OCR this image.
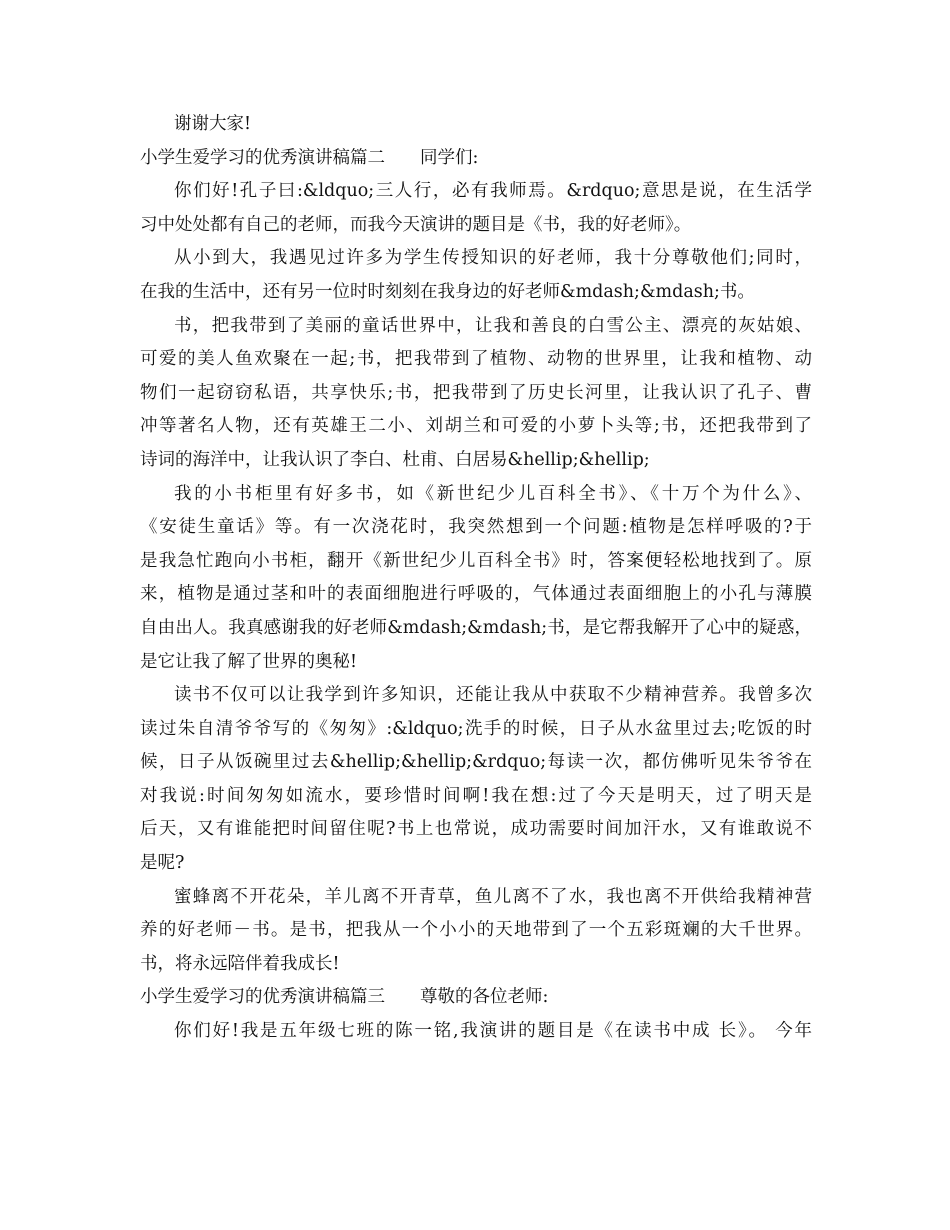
谢谢大家!
小学生爱学习的优秀演讲稿篇二　　同学们:
你们好!孔子曰:&ldquo;三人行，必有我师焉。&rdquo;意思是说，在生活学
习中处处都有自己的老师，而我今天演讲的题目是《书，我的好老师》。
从小到大，我遇见过许多为学生传授知识的好老师，我十分尊敬他们;同时，
在我的生活中，还有另一位时时刻刻在我身边的好老师&mdash;&mdash;书。
书，把我带到了美丽的童话世界中，让我和善良的白雪公主、漂亮的灰姑娘、
可爱的美人鱼欢聚在一起;书，把我带到了植物、动物的世界里，让我和植物、动
物们一起窃窃私语，共享快乐;书，把我带到了历史长河里，让我认识了孔子、曹
冲等著名人物，还有英雄王二小、刘胡兰和可爱的小萝卜头等;书，还把我带到了
诗词的海洋中，让我认识了李白、杜甫、白居易&hellip;&hellip;
我的小书柜里有好多书，如《新世纪少儿百科全书》、《十万个为什么》、
《安徒生童话》等。有一次浇花时，我突然想到一个问题:植物是怎样呼吸的?于
是我急忙跑向小书柜，翻开《新世纪少儿百科全书》时，答案便轻松地找到了。原
来，植物是通过茎和叶的表面细胞进行呼吸的，气体通过表面细胞上的小孔与薄膜
自由出人。我真感谢我的好老师&mdash;&mdash;书，是它帮我解开了心中的疑惑，
是它让我了解了世界的奥秘!
读书不仅可以让我学到许多知识，还能让我从中获取不少精神营养。我曾多次
读过朱自清爷爷写的《匆匆》:&ldquo;洗手的时候，日子从水盆里过去;吃饭的时
候，日子从饭碗里过去&hellip;&hellip;&rdquo;每读一次，都仿佛听见朱爷爷在
对我说:时间匆匆如流水，要珍惜时间啊!我在想:过了今天是明天，过了明天是
后天，又有谁能把时间留住呢?书上也常说，成功需要时间加汗水，又有谁敢说不
是呢?
蜜蜂离不开花朵，羊儿离不开青草，鱼儿离不了水，我也离不开供给我精神营
养的好老师－书。是书，把我从一个小小的天地带到了一个五彩斑斓的大千世界。
书，将永远陪伴着我成长!
小学生爱学习的优秀演讲稿篇三　　尊敬的各位老师:
你们好!我是五年级七班的陈一铭,我演讲的题目是《在读书中成 长》。 今年
